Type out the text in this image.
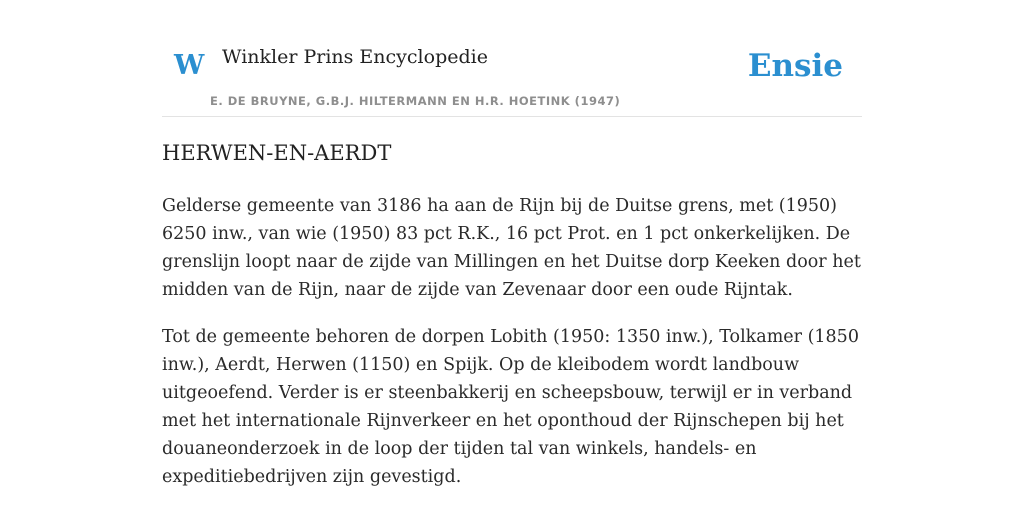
W Winkler Prins Encyclopedie
E. DE BRUYNE, G.B.J. HILTERMANN EN H.R. HOETINK (1947)
Ensie
HERWEN-EN-AERDT

Gelderse gemeente van 3186 ha aan de Rijn bij de Duitse grens, met (1950) 6250 inw., van wie (1950) 83 pct R.K., 16 pct Prot. en 1 pct onkerkelijken. De grenslijn loopt naar de zijde van Millingen en het Duitse dorp Keeken door het midden van de Rijn, naar de zijde van Zevenaar door een oude Rijntak.

Tot de gemeente behoren de dorpen Lobith (1950: 1350 inw.), Tolkamer (1850 inw.), Aerdt, Herwen (1150) en Spijk. Op de kleibodem wordt landbouw uitgeoefend. Verder is er steenbakkerij en scheepsbouw, terwijl er in verband met het internationale Rijnverkeer en het oponthoud der Rijnschepen bij het douaneonderzoek in de loop der tijden tal van winkels, handels- en expeditiebedrijven zijn gevestigd.
